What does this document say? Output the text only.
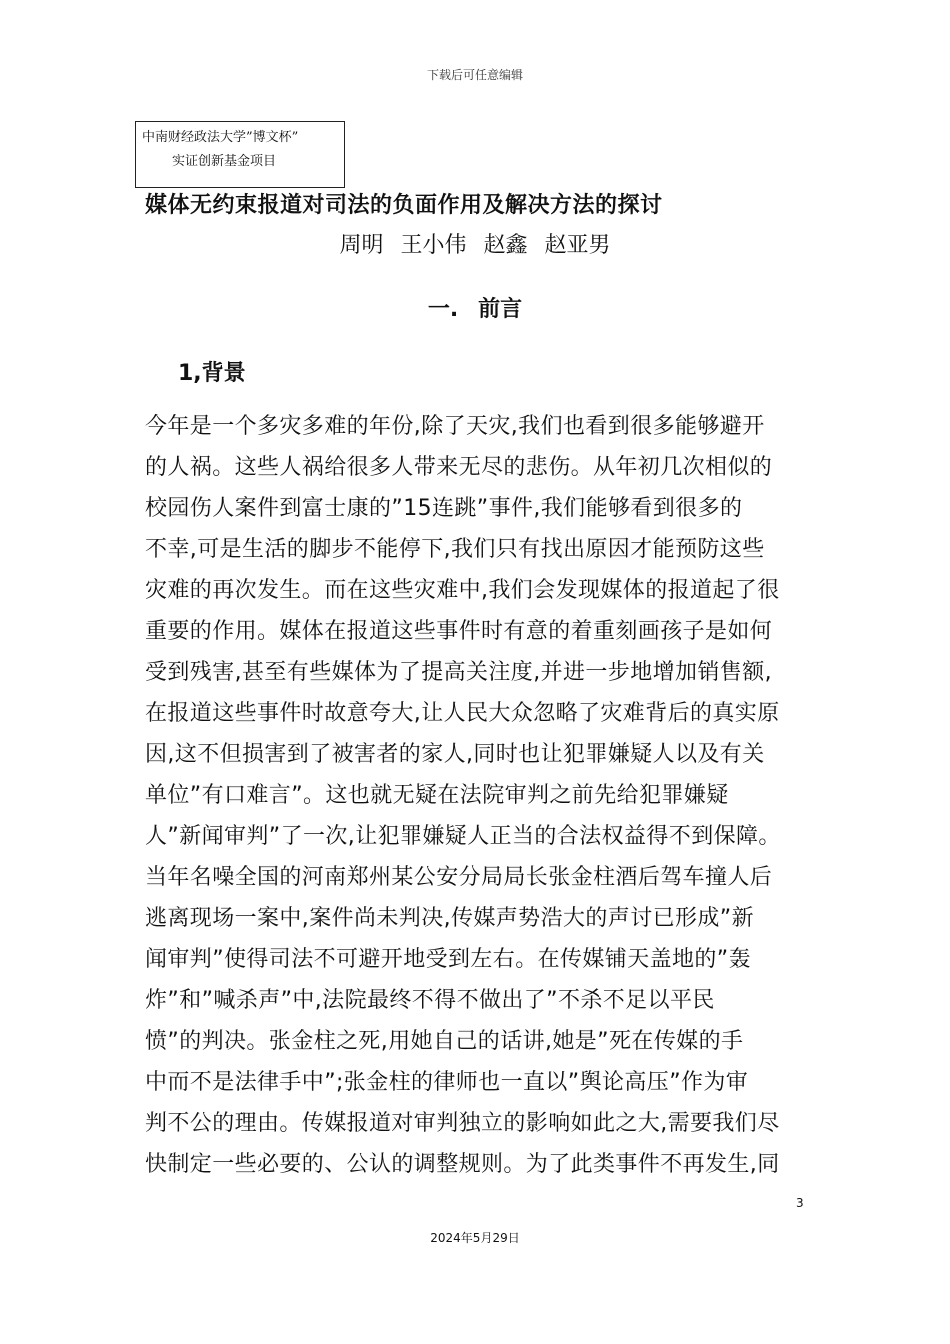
下载后可任意编辑
中南财经政法大学”博文杯”
实证创新基金项目
媒体无约束报道对司法的负面作用及解决方法的探讨
周明 王小伟 赵鑫 赵亚男
一. 前言
1,背景
今年是一个多灾多难的年份,除了天灾,我们也看到很多能够避开
的人祸。这些人祸给很多人带来无尽的悲伤。从年初几次相似的
校园伤人案件到富士康的”15连跳”事件,我们能够看到很多的
不幸,可是生活的脚步不能停下,我们只有找出原因才能预防这些
灾难的再次发生。而在这些灾难中,我们会发现媒体的报道起了很
重要的作用。媒体在报道这些事件时有意的着重刻画孩子是如何
受到残害,甚至有些媒体为了提高关注度,并进一步地增加销售额,
在报道这些事件时故意夸大,让人民大众忽略了灾难背后的真实原
因,这不但损害到了被害者的家人,同时也让犯罪嫌疑人以及有关
单位”有口难言”。这也就无疑在法院审判之前先给犯罪嫌疑
人”新闻审判”了一次,让犯罪嫌疑人正当的合法权益得不到保障。
当年名噪全国的河南郑州某公安分局局长张金柱酒后驾车撞人后
逃离现场一案中,案件尚未判决,传媒声势浩大的声讨已形成”新
闻审判”使得司法不可避开地受到左右。在传媒铺天盖地的”轰
炸”和”喊杀声”中,法院最终不得不做出了”不杀不足以平民
愤”的判决。张金柱之死,用她自己的话讲,她是”死在传媒的手
中而不是法律手中”;张金柱的律师也一直以”舆论高压”作为审
判不公的理由。传媒报道对审判独立的影响如此之大,需要我们尽
快制定一些必要的、公认的调整规则。为了此类事件不再发生,同
3
2024年5月29日
